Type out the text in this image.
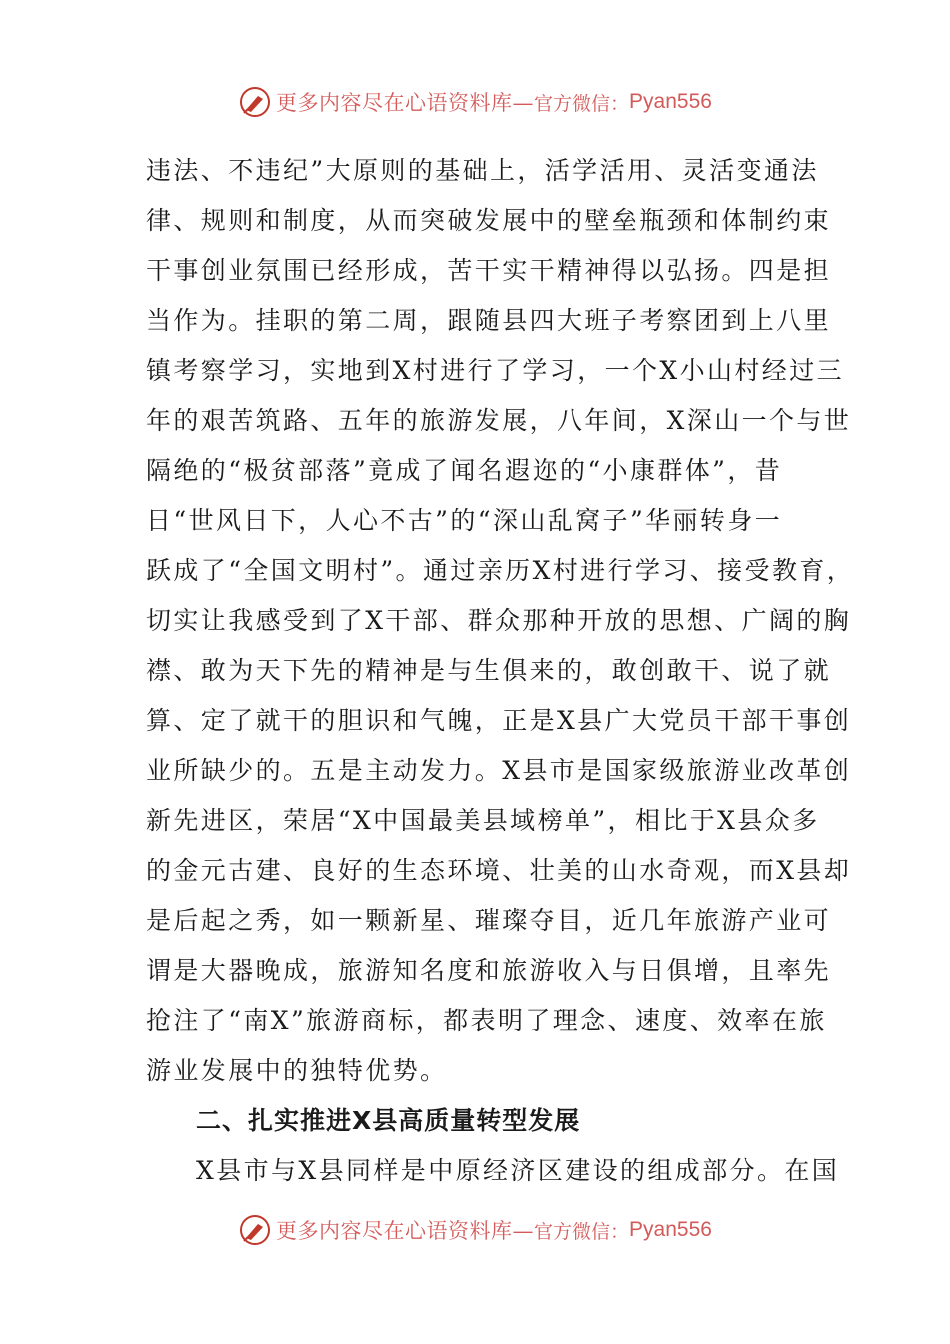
更多内容尽在心语资料库— 官方微信： Pyan556
违法、不违纪”大原则的基础上，活学活用、灵活变通法
律、规则和制度，从而突破发展中的壁垒瓶颈和体制约束
干事创业氛围已经形成，苦干实干精神得以弘扬。四是担
当作为。挂职的第二周，跟随县四大班子考察团到上八里
镇考察学习，实地到X村进行了学习，一个X小山村经过三
年的艰苦筑路、五年的旅游发展，八年间，X深山一个与世
隔绝的“极贫部落”竟成了闻名遐迩的“小康群体”，昔
日“世风日下，人心不古”的“深山乱窝子”华丽转身一
跃成了“全国文明村”。通过亲历X村进行学习、接受教育，
切实让我感受到了X干部、群众那种开放的思想、广阔的胸
襟、敢为天下先的精神是与生俱来的，敢创敢干、说了就
算、定了就干的胆识和气魄，正是X县广大党员干部干事创
业所缺少的。五是主动发力。X县市是国家级旅游业改革创
新先进区，荣居“X中国最美县域榜单”，相比于X县众多
的金元古建、良好的生态环境、壮美的山水奇观，而X县却
是后起之秀，如一颗新星、璀璨夺目，近几年旅游产业可
谓是大器晚成，旅游知名度和旅游收入与日俱增，且率先
抢注了“南X”旅游商标，都表明了理念、速度、效率在旅
游业发展中的独特优势。
二、扎实推进X县高质量转型发展
X县市与X县同样是中原经济区建设的组成部分。在国
更多内容尽在心语资料库— 官方微信： Pyan556
